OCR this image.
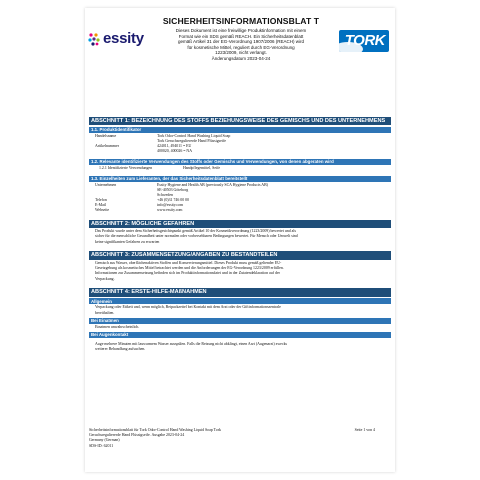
essity
SICHERHEITSINFORMATIONSBLAT T
Dieses Dokument ist eine freiwillige Produktinformation mit einem
Format wie ein SDS gemäß REACH. Ein Sicherheitsdatenblatt
gemäß Artikel 31 der EG-Verordnung 1907/2006 (REACH) wird
für kosmetische Mittel, reguliert durch EG-Verordnung
1223/2009, nicht verlangt.
Änderungsdatum 2023-04-24
TORK
ABSCHNITT 1: BEZEICHNUNG DES STOFFS BEZIEHUNGSWEISE DES GEMISCHS UND DES UNTERNEHMENS
1.1. Produktidentifikator
Handelsname	Tork Odor-Control Hand Washing Liquid Soap
Tork Geruchsreguliererde Hand Flüssigseife
Artikelnummer	424011, 494011 = EU
400020, 400026 = NA
1.2. Relevante identifizierte Verwendungen des Stoffs oder Gemischs und Verwendungen, von denen abgeraten wird
1.2.1 Identifizierte Verwendungen	Handpflegemittel, Seife
1.3. Einzelheiten zum Lieferanten, der das Sicherheitsdatenblatt bereitstellt
Unternehmen	Essity Hygiene and Health AB (previously SCA Hygiene Products AB)
SE-40503 Göteborg
Schweden
Telefon	+46 (0)31 746 00 00
E-Mail	info@essity.com
Webseite	www.essity.com
ABSCHNITT 2: MÖGLICHE GEFAHREN
Das Produkt wurde unter dem Sicherheitsgesichtspunkt gemäß Artikel 10 der Kosmetikverordnung (1223/2009) bewertet und als
sicher für die menschliche Gesundheit unter normalen oder vorhersehbaren Bedingungen bewertet. Für Mensch oder Umwelt sind
keine signifikanten Gefahren zu erwarten
ABSCHNITT 3: ZUSAMMENSETZUNG/ANGABEN ZU BESTANDTEILEN
Gemisch aus Wasser, oberflächenaktiven Stoffen und Konservierungsmittel. Dieses Produkt muss gemäß geltender EU-
Gesetzgebung als kosmetisches Mittel betrachtet werden und die Anforderungen der EG-Verordnung 1223/2009 erfüllen.
Informationen zur Zusammensetzung befinden sich im Produktinformationsdatei und in der Zutatendeklaration auf der
Verpackung.
ABSCHNITT 4: ERSTE-HILFE-MAßNAHMEN
Allgemein
Verpackung oder Etikett und, wenn möglich, Beipackzettel bei Kontakt mit dem Arzt oder der Giftinformationszentrale
bereithalten.
Bei Einatmen
Einatmen unwahrscheinlich.
Bei Augenkontakt
Auge mehrere Minuten mit lauwarmem Wasser ausspülen. Falls die Reizung nicht abklingt, einen Arzt (Augenarzt) zwecks
weiterer Behandlung aufsuchen.
Sicherheitsinformationsblatt für Tork Odor-Control Hand Washing Liquid Soap Tork
Geruchsreguliererde Hand Flüssigseife. Ausgabe 2023-04-24
Germany (German)
SDS-ID: 62011
Seite 1 von 4
